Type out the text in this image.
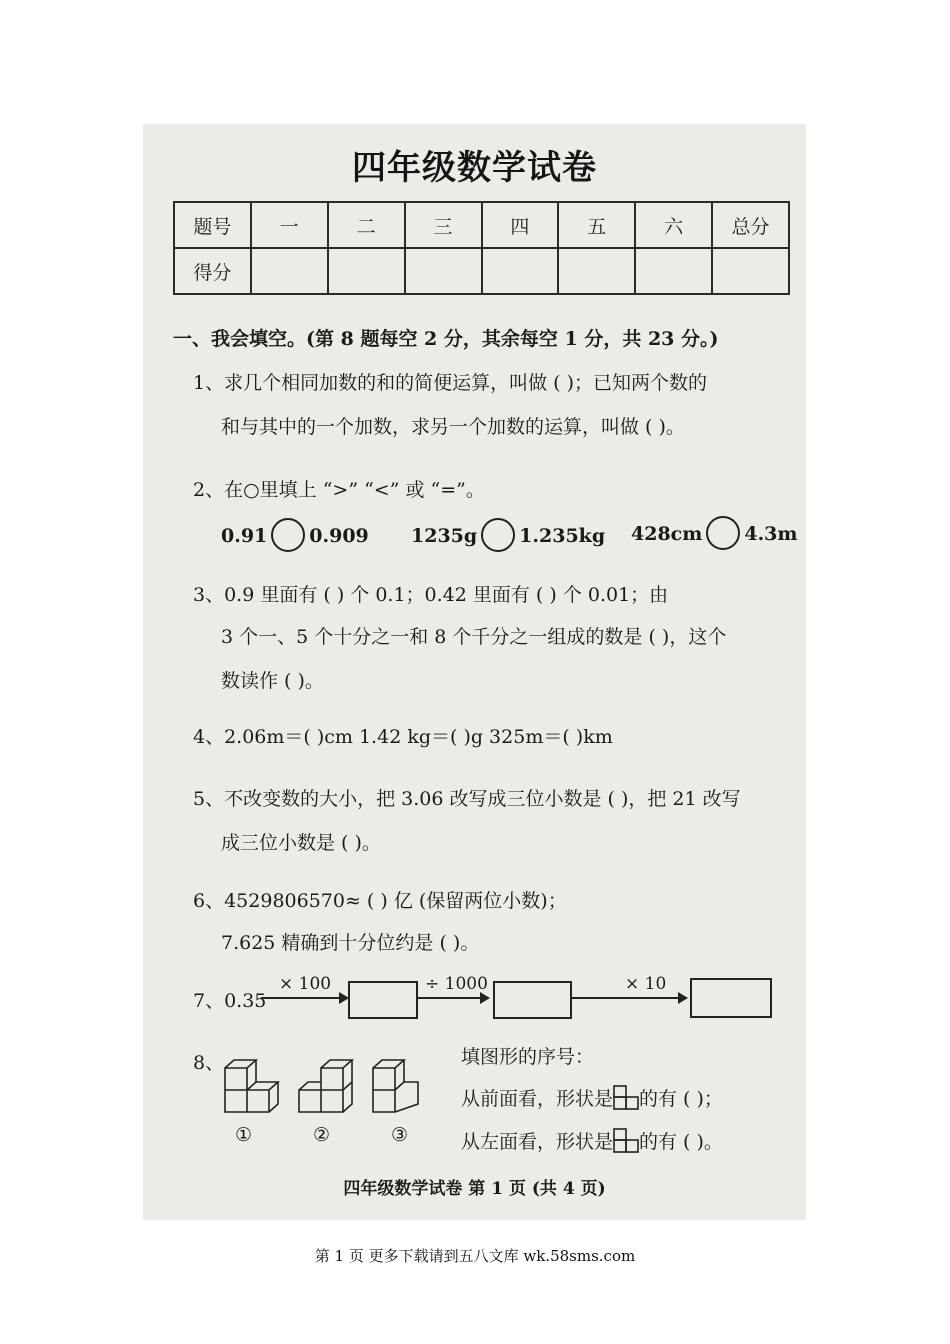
四年级数学试卷
题号	一	二	三	四	五	六	总分
得分							
一、我会填空。(第 8 题每空 2 分，其余每空 1 分，共 23 分。)
1、求几个相同加数的和的简便运算，叫做 ( )；已知两个数的
和与其中的一个加数，求另一个加数的运算，叫做 ( )。
2、在○里填上 “>” “<” 或 “=”。
0.91 0.909 1235g 1.235kg 428cm 4.3m
3、0.9 里面有 ( ) 个 0.1；0.42 里面有 ( ) 个 0.01；由
3 个一、5 个十分之一和 8 个千分之一组成的数是 ( )，这个
数读作 ( )。
4、2.06m＝( )cm 1.42 kg＝( )g 325m＝( )km
5、不改变数的大小，把 3.06 改写成三位小数是 ( )，把 21 改写
成三位小数是 ( )。
6、4529806570≈ ( ) 亿 (保留两位小数)；
7.625 精确到十分位约是 ( )。
7、0.35
× 100	÷ 1000	× 10
8、	填图形的序号：
①	②	③
从前面看，形状是 的有 ( )；
从左面看，形状是 的有 ( )。
四年级数学试卷 第 1 页 (共 4 页)
第 1 页 更多下载请到五八文库 wk.58sms.com
